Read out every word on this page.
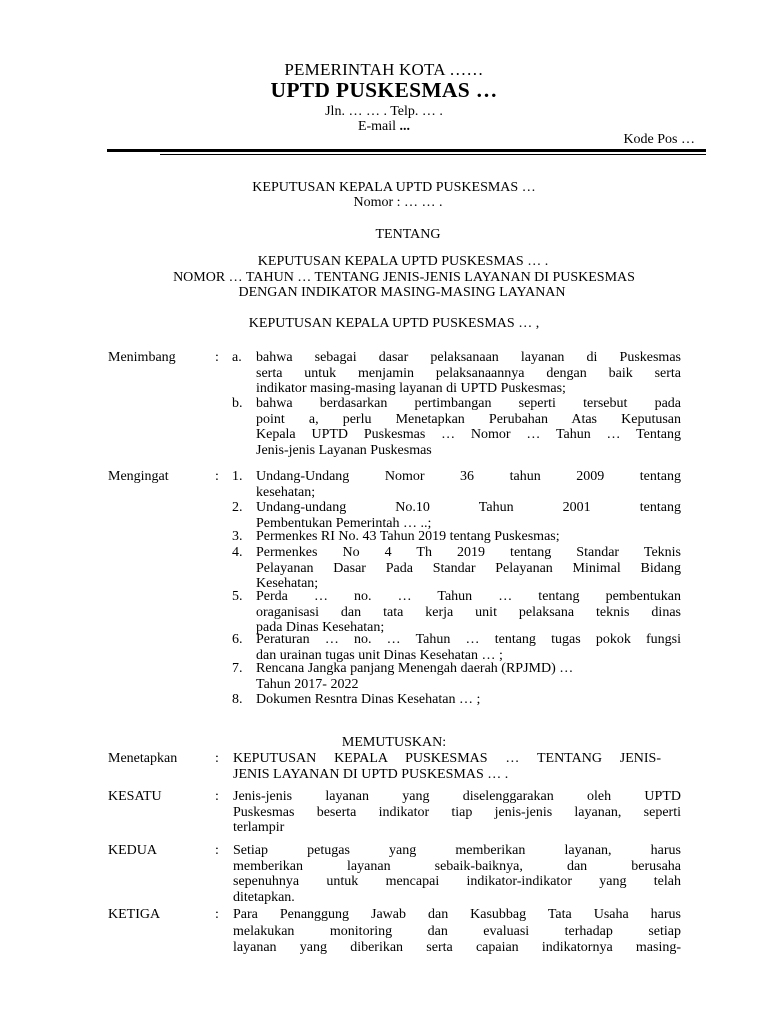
PEMERINTAH KOTA ……
UPTD PUSKESMAS …
Jln. … … . Telp. … .
E-mail ...
Kode Pos …
KEPUTUSAN KEPALA UPTD PUSKESMAS …
Nomor : … … .
TENTANG
KEPUTUSAN KEPALA UPTD PUSKESMAS … .
NOMOR … TAHUN … TENTANG JENIS-JENIS LAYANAN DI PUSKESMAS
DENGAN INDIKATOR MASING-MASING LAYANAN
KEPUTUSAN KEPALA UPTD PUSKESMAS … ,
Menimbang	: a. bahwa sebagai dasar pelaksanaan layanan di Puskesmas
serta untuk menjamin pelaksanaannya dengan baik serta
indikator masing-masing layanan di UPTD Puskesmas;
b. bahwa berdasarkan pertimbangan seperti tersebut pada
point a, perlu Menetapkan Perubahan Atas Keputusan
Kepala UPTD Puskesmas … Nomor … Tahun … Tentang
Jenis-jenis Layanan Puskesmas
Mengingat	: 1. Undang-Undang Nomor 36 tahun 2009 tentang
kesehatan;
2. Undang-undang No.10 Tahun 2001 tentang
Pembentukan Pemerintah … ..;
3. Permenkes RI No. 43 Tahun 2019 tentang Puskesmas;
4. Permenkes No 4 Th 2019 tentang Standar Teknis
Pelayanan Dasar Pada Standar Pelayanan Minimal Bidang
Kesehatan;
5. Perda … no. … Tahun … tentang pembentukan
oraganisasi dan tata kerja unit pelaksana teknis dinas
pada Dinas Kesehatan;
6. Peraturan … no. … Tahun … tentang tugas pokok fungsi
dan urainan tugas unit Dinas Kesehatan … ;
7. Rencana Jangka panjang Menengah daerah (RPJMD) …
Tahun 2017- 2022
8. Dokumen Resntra Dinas Kesehatan … ;
MEMUTUSKAN:
Menetapkan	: KEPUTUSAN KEPALA PUSKESMAS … TENTANG JENIS-
JENIS LAYANAN DI UPTD PUSKESMAS … .
KESATU	: Jenis-jenis layanan yang diselenggarakan oleh UPTD
Puskesmas beserta indikator tiap jenis-jenis layanan, seperti
terlampir
KEDUA	: Setiap petugas yang memberikan layanan, harus
memberikan layanan sebaik-baiknya, dan berusaha
sepenuhnya untuk mencapai indikator-indikator yang telah
ditetapkan.
KETIGA	: Para Penanggung Jawab dan Kasubbag Tata Usaha harus
melakukan monitoring dan evaluasi terhadap setiap
layanan yang diberikan serta capaian indikatornya masing-
